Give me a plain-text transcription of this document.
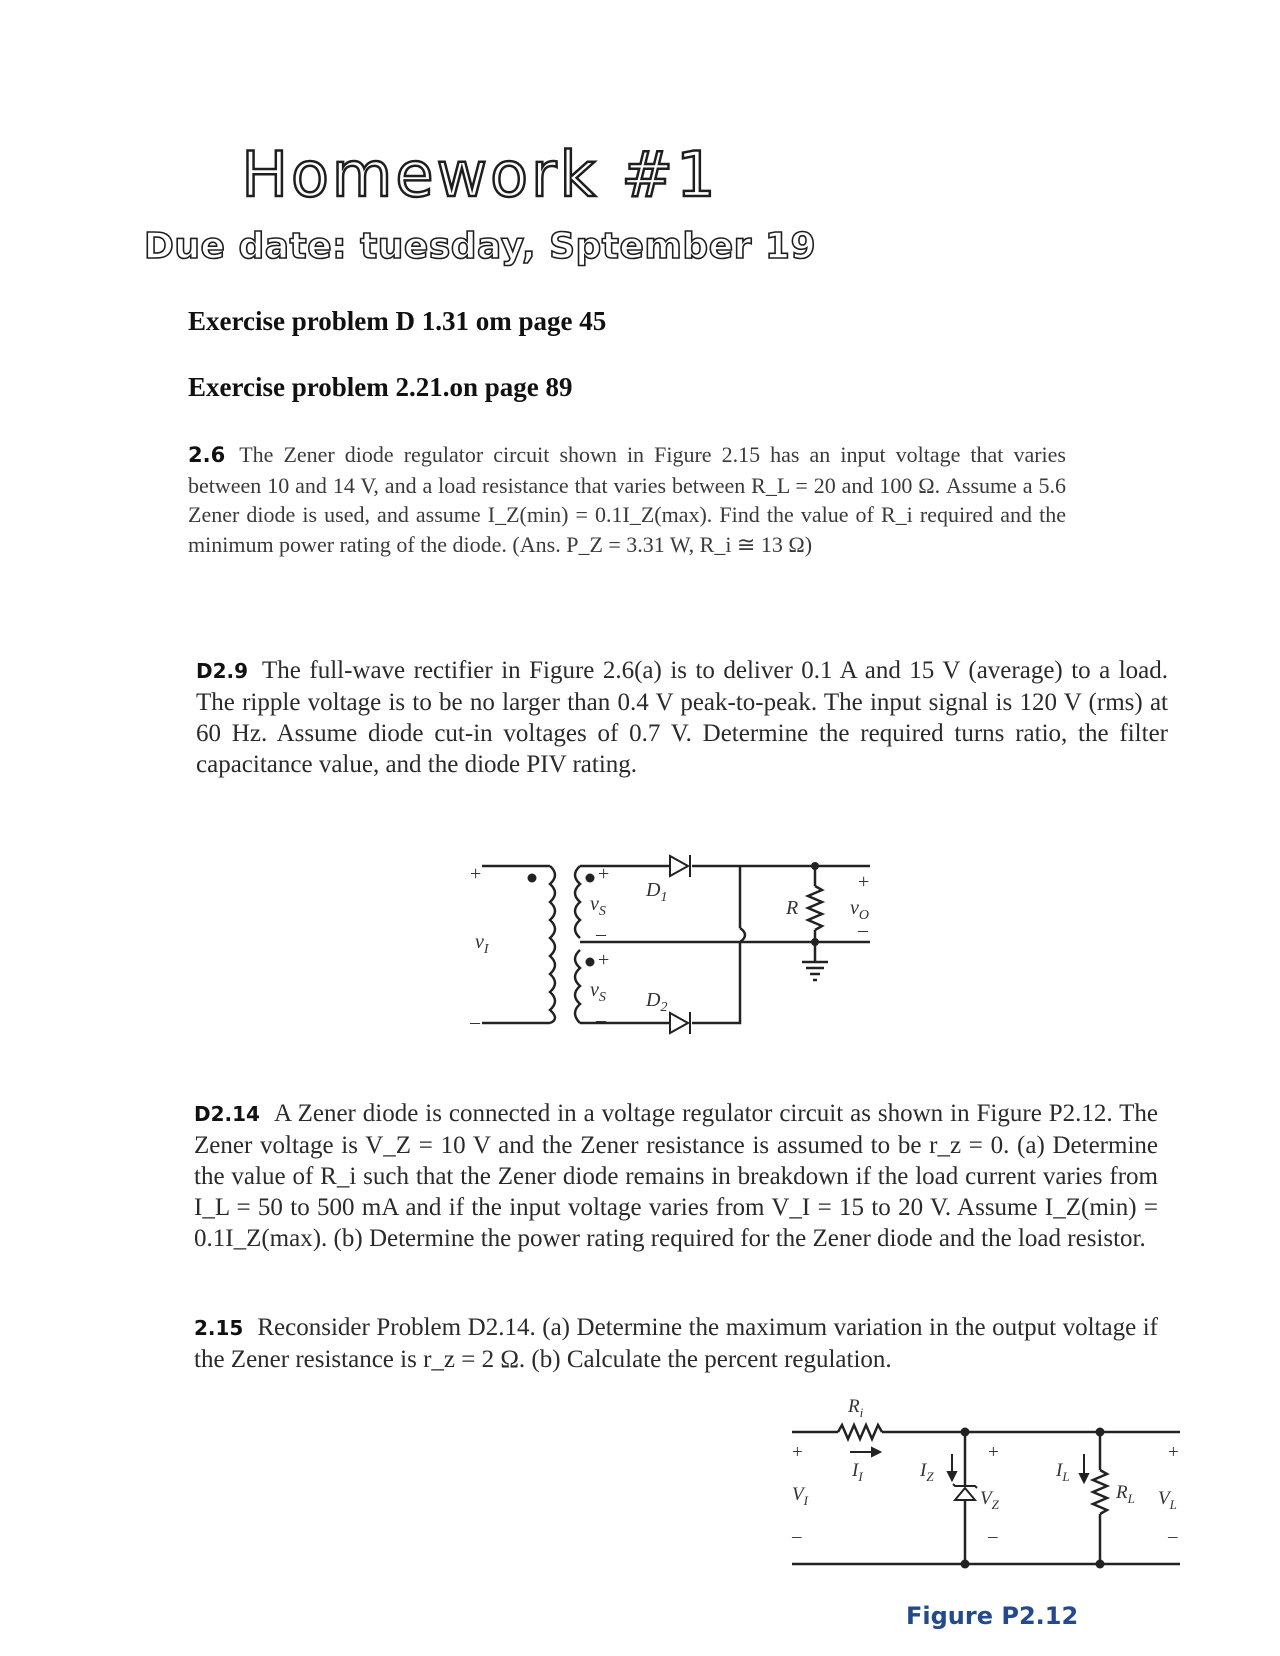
Homework #1
Due date: tuesday, Sptember 19
Exercise problem D 1.31 om page 45
Exercise problem 2.21.on page 89
2.6 The Zener diode regulator circuit shown in Figure 2.15 has an input voltage that varies between 10 and 14 V, and a load resistance that varies between R_L = 20 and 100 Ω. Assume a 5.6 Zener diode is used, and assume I_Z(min) = 0.1I_Z(max). Find the value of R_i required and the minimum power rating of the diode. (Ans. P_Z = 3.31 W, R_i ≅ 13 Ω)
D2.9 The full-wave rectifier in Figure 2.6(a) is to deliver 0.1 A and 15 V (average) to a load. The ripple voltage is to be no larger than 0.4 V peak-to-peak. The input signal is 120 V (rms) at 60 Hz. Assume diode cut-in voltages of 0.7 V. Determine the required turns ratio, the filter capacitance value, and the diode PIV rating.
+
–
$v_I$
+
–
$v_S$
+
–
$v_S$
$D_1$
$D_2$
R
+
–
$v_O$
D2.14 A Zener diode is connected in a voltage regulator circuit as shown in Figure P2.12. The Zener voltage is V_Z = 10 V and the Zener resistance is assumed to be r_z = 0. (a) Determine the value of R_i such that the Zener diode remains in breakdown if the load current varies from I_L = 50 to 500 mA and if the input voltage varies from V_I = 15 to 20 V. Assume I_Z(min) = 0.1I_Z(max). (b) Determine the power rating required for the Zener diode and the load resistor.
2.15 Reconsider Problem D2.14. (a) Determine the maximum variation in the output voltage if the Zener resistance is r_z = 2 Ω. (b) Calculate the percent regulation.
$R_i$
+
–
$V_I$
$I_I$	$I_Z$
+
–
$V_Z$
$I_L$
$R_L$
+
–
$V_L$
Figure P2.12
